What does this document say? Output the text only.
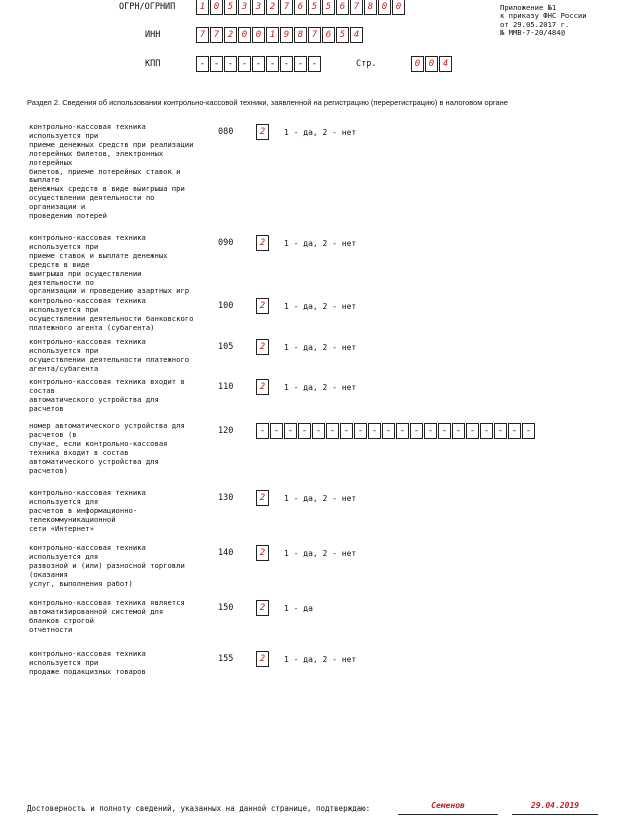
ОГРН/ОГРНИП	1 0 5 3 3 2 7 6 5 5 6 7 8 0 0
ИНН	7 7 2 0 0 1 9 8 7 6 5 4
КПП	- - - - - - - - -	Стр.	0 0 4
Приложение №1
к приказу ФНС России
от 29.05.2017 г.
№ ММВ-7-20/484@
Раздел 2. Сведения об использовании контрольно-кассовой техники, заявленной на регистрацию (перерегистрацию) в налоговом органе
контрольно-кассовая техника
используется при
приеме денежных средств при реализации
лотерейных билетов, электронных
лотерейных
билетов, приеме лотерейных ставок и
выплате
денежных средств в виде выигрыша при
осуществлении деятельности по
организации и
проведению лотерей
080	2	1 - да, 2 - нет
контрольно-кассовая техника
используется при
приеме ставок и выплате денежных
средств в виде
выигрыша при осуществлении
деятельности по
организации и проведению азартных игр
090	2	1 - да, 2 - нет
контрольно-кассовая техника
используется при
осуществлении деятельности банковского
платежного агента (субагента)
100	2	1 - да, 2 - нет
контрольно-кассовая техника
используется при
осуществлении деятельности платежного
агента/субагента
105	2	1 - да, 2 - нет
контрольно-кассовая техника входит в
состав
автоматического устройства для
расчетов
110	2	1 - да, 2 - нет
номер автоматического устройства для
расчетов (в
случае, если контрольно-кассовая
техника входит в состав
автоматического устройства для
расчетов)
120	- - - - - - - - - - - - - - - - - - - -
контрольно-кассовая техника
используется для
расчетов в информационно-
телекоммуникационной
сети «Интернет»
130	2	1 - да, 2 - нет
контрольно-кассовая техника
используется для
развозной и (или) разносной торговли
(оказания
услуг, выполнения работ)
140	2	1 - да, 2 - нет
контрольно-кассовая техника является
автоматизированной системой для
бланков строгой
отчетности
150	2	1 - да
контрольно-кассовая техника
используется при
продаже подакцизных товаров
155	2	1 - да, 2 - нет
Достоверность и полноту сведений, указанных на данной странице, подтверждаю:	Семенов	29.04.2019
